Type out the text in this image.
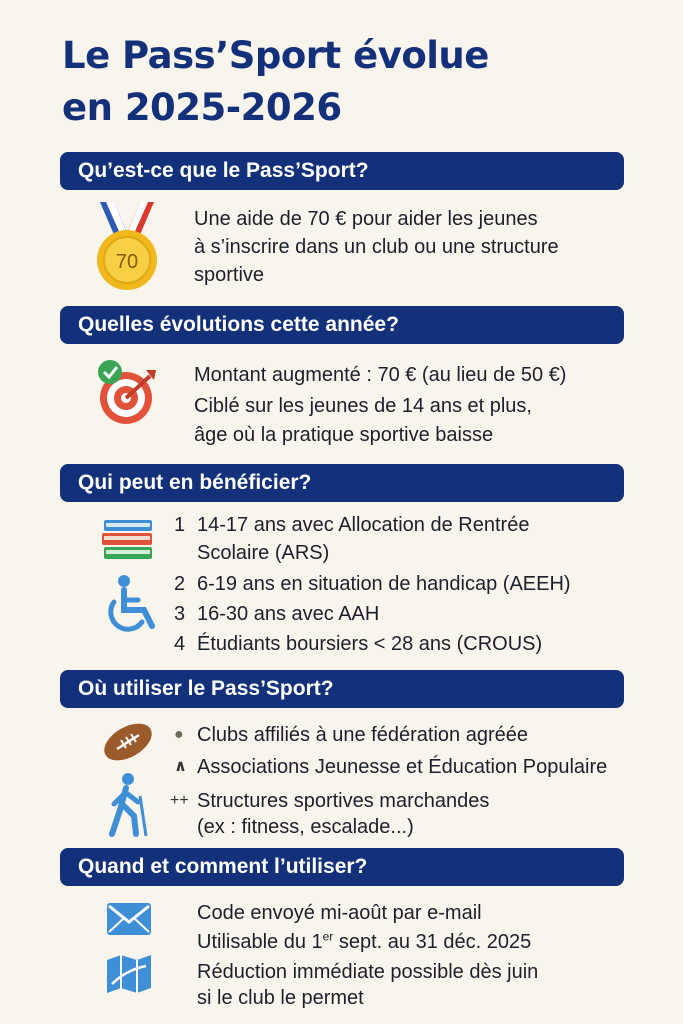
Le Pass’Sport évolue
en 2025-2026
Qu’est-ce que le Pass’Sport?
70
Une aide de 70 € pour aider les jeunes
à s’inscrire dans un club ou une structure
sportive
Quelles évolutions cette année?
Montant augmenté : 70 € (au lieu de 50 €)
Ciblé sur les jeunes de 14 ans et plus,
âge où la pratique sportive baisse
Qui peut en bénéficier?
1 14-17 ans avec Allocation de Rentrée
Scolaire (ARS)
2 6-19 ans en situation de handicap (AEEH)
3 16-30 ans avec AAH
4 Étudiants boursiers < 28 ans (CROUS)
Où utiliser le Pass’Sport?
● Clubs affiliés à une fédération agréée
∧ Associations Jeunesse et Éducation Populaire
++ Structures sportives marchandes
(ex : fitness, escalade...)
Quand et comment l’utiliser?
Code envoyé mi-août par e-mail
Utilisable du 1er sept. au 31 déc. 2025
Réduction immédiate possible dès juin
si le club le permet
